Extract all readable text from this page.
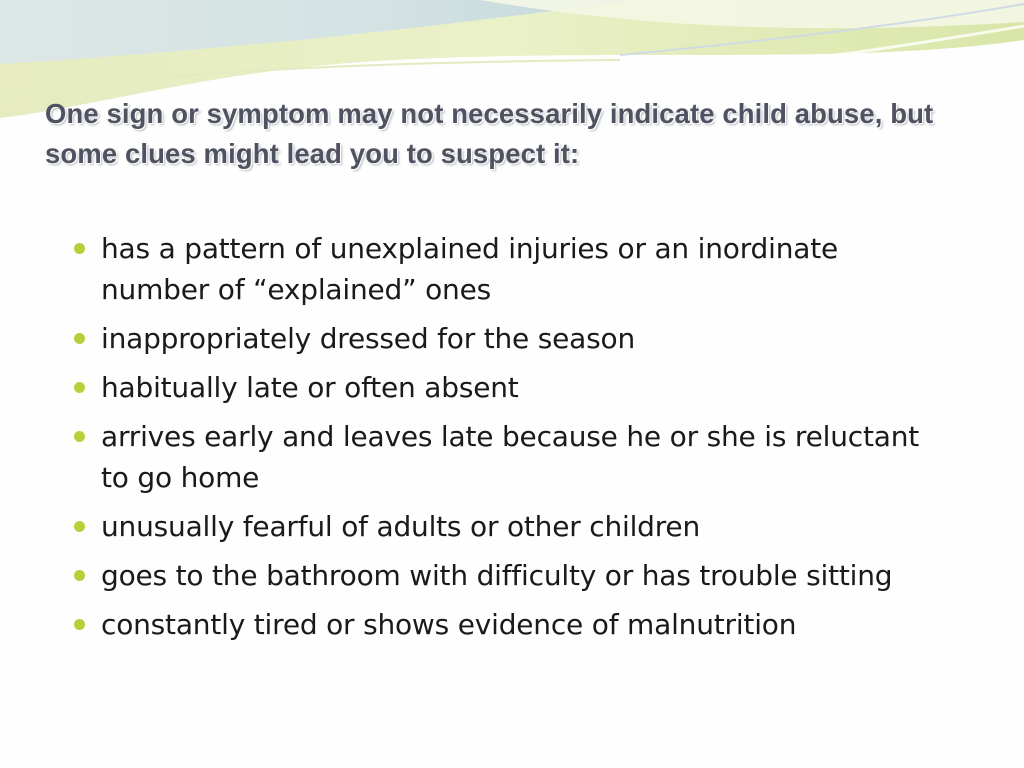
One sign or symptom may not necessarily indicate child abuse, but some clues might lead you to suspect it:
has a pattern of unexplained injuries or an inordinate number of “explained” ones
inappropriately dressed for the season
habitually late or often absent
arrives early and leaves late because he or she is reluctant to go home
unusually fearful of adults or other children
goes to the bathroom with difficulty or has trouble sitting
constantly tired or shows evidence of malnutrition
